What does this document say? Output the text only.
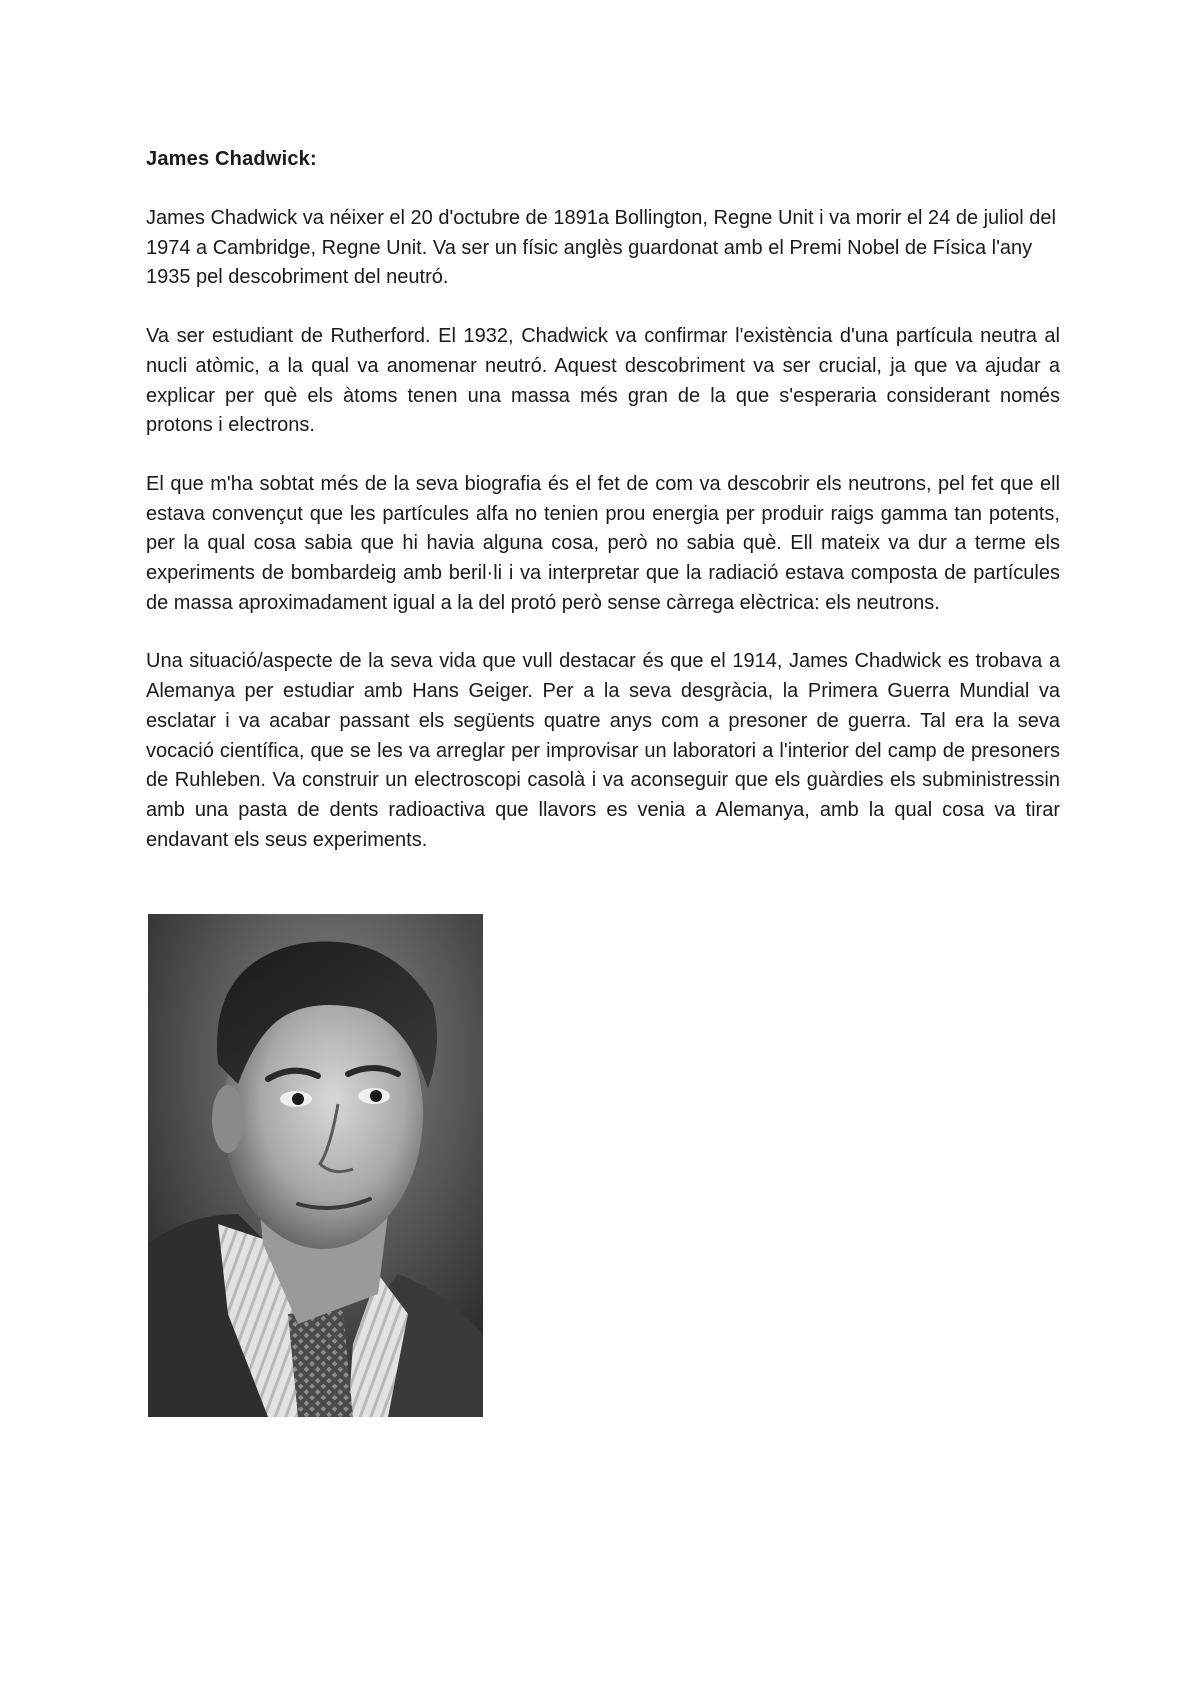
James Chadwick:

James Chadwick va néixer el 20 d'octubre de 1891a Bollington, Regne Unit i va morir el 24 de juliol del 1974 a Cambridge, Regne Unit. Va ser un físic anglès guardonat amb el Premi Nobel de Física l'any 1935 pel descobriment del neutró.

Va ser estudiant de Rutherford. El 1932, Chadwick va confirmar l'existència d'una partícula neutra al nucli atòmic, a la qual va anomenar neutró. Aquest descobriment va ser crucial, ja que va ajudar a explicar per què els àtoms tenen una massa més gran de la que s'esperaria considerant només protons i electrons.

El que m'ha sobtat més de la seva biografia és el fet de com va descobrir els neutrons, pel fet que ell estava convençut que les partícules alfa no tenien prou energia per produir raigs gamma tan potents, per la qual cosa sabia que hi havia alguna cosa, però no sabia què. Ell mateix va dur a terme els experiments de bombardeig amb beril·li i va interpretar que la radiació estava composta de partícules de massa aproximadament igual a la del protó però sense càrrega elèctrica: els neutrons.

Una situació/aspecte de la seva vida que vull destacar és que el 1914, James Chadwick es trobava a Alemanya per estudiar amb Hans Geiger. Per a la seva desgràcia, la Primera Guerra Mundial va esclatar i va acabar passant els següents quatre anys com a presoner de guerra. Tal era la seva vocació científica, que se les va arreglar per improvisar un laboratori a l'interior del camp de presoners de Ruhleben. Va construir un electroscopi casolà i va aconseguir que els guàrdies els subministressin amb una pasta de dents radioactiva que llavors es venia a Alemanya, amb la qual cosa va tirar endavant els seus experiments.
